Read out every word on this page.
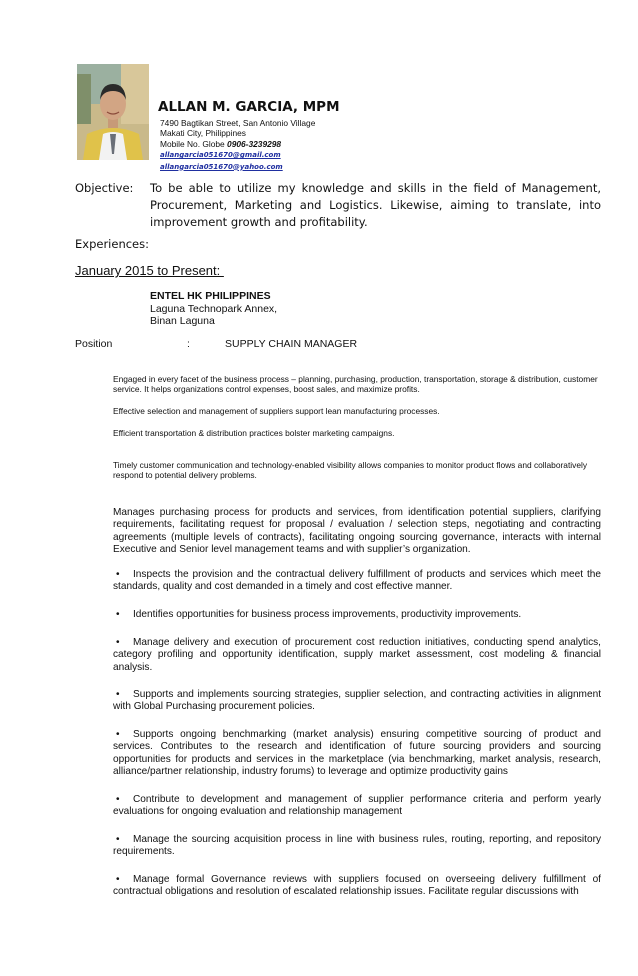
ALLAN M. GARCIA, MPM
7490 Bagtikan Street, San Antonio Village
Makati City, Philippines
Mobile No. Globe 0906-3239298
allangarcia051670@gmail.com
allangarcia051670@yahoo.com
Objective: To be able to utilize my knowledge and skills in the field of Management, Procurement, Marketing and Logistics. Likewise, aiming to translate, into improvement growth and profitability.
Experiences:
January 2015 to Present:
ENTEL HK PHILIPPINES
Laguna Technopark Annex,
Binan Laguna
Position	:	SUPPLY CHAIN MANAGER
Engaged in every facet of the business process – planning, purchasing, production, transportation, storage & distribution, customer service. It helps organizations control expenses, boost sales, and maximize profits.
Effective selection and management of suppliers support lean manufacturing processes.
Efficient transportation & distribution practices bolster marketing campaigns.
Timely customer communication and technology-enabled visibility allows companies to monitor product flows and collaboratively respond to potential delivery problems.
Manages purchasing process for products and services, from identification potential suppliers, clarifying requirements, facilitating request for proposal / evaluation / selection steps, negotiating and contracting agreements (multiple levels of contracts), facilitating ongoing sourcing governance, interacts with internal Executive and Senior level management teams and with supplier’s organization.
• Inspects the provision and the contractual delivery fulfillment of products and services which meet the standards, quality and cost demanded in a timely and cost effective manner.
• Identifies opportunities for business process improvements, productivity improvements.
• Manage delivery and execution of procurement cost reduction initiatives, conducting spend analytics, category profiling and opportunity identification, supply market assessment, cost modeling & financial analysis.
• Supports and implements sourcing strategies, supplier selection, and contracting activities in alignment with Global Purchasing procurement policies.
• Supports ongoing benchmarking (market analysis) ensuring competitive sourcing of product and services. Contributes to the research and identification of future sourcing providers and sourcing opportunities for products and services in the marketplace (via benchmarking, market analysis, research, alliance/partner relationship, industry forums) to leverage and optimize productivity gains
• Contribute to development and management of supplier performance criteria and perform yearly evaluations for ongoing evaluation and relationship management
• Manage the sourcing acquisition process in line with business rules, routing, reporting, and repository requirements.
• Manage formal Governance reviews with suppliers focused on overseeing delivery fulfillment of contractual obligations and resolution of escalated relationship issues. Facilitate regular discussions with
